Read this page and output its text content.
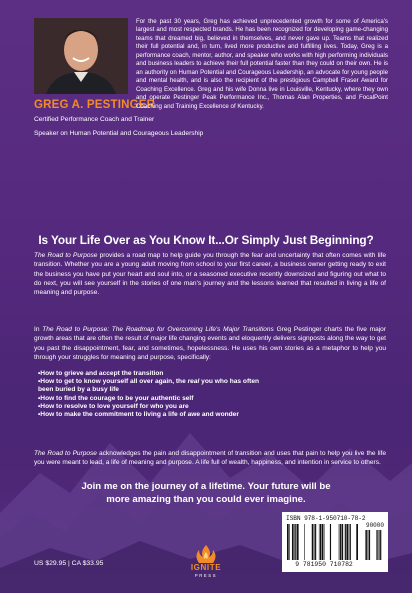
GREG A. PESTINGER
Certified Performance Coach and Trainer
Speaker on Human Potential and Courageous Leadership
For the past 30 years, Greg has achieved unprecedented growth for some of America's largest and most respected brands. He has been recognized for developing game-changing teams that dreamed big, believed in themselves, and never gave up. Teams that realized their full potential and, in turn, lived more productive and fulfilling lives. Today, Greg is a performance coach, mentor, author, and speaker who works with high performing individuals and business leaders to achieve their full potential faster than they could on their own. He is an authority on Human Potential and Courageous Leadership, an advocate for young people and mental health, and is also the recipient of the prestigious Campbell Fraser Award for Coaching Excellence. Greg and his wife Donna live in Louisville, Kentucky, where they own and operate Pestinger Peak Performance Inc., Thomas Alan Properties, and FocalPoint Coaching and Training Excellence of Kentucky.
Is Your Life Over as You Know It...Or Simply Just Beginning?
The Road to Purpose provides a road map to help guide you through the fear and uncertainty that often comes with life transition. Whether you are a young adult moving from school to your first career, a business owner getting ready to exit the business you have put your heart and soul into, or a seasoned executive recently downsized and figuring out what to do next, you will see yourself in the stories of one man's journey and the lessons learned that resulted in living a life of meaning and purpose.
In The Road to Purpose: The Roadmap for Overcoming Life's Major Transitions Greg Pestinger charts the five major growth areas that are often the result of major life changing events and eloquently delivers signposts along the way to get you past the disappointment, fear, and sometimes, hopelessness. He uses his own stories as a metaphor to help you through your struggles for meaning and purpose, specifically:
•How to grieve and accept the transition
•How to get to know yourself all over again, the real you who has often
been buried by a busy life
•How to find the courage to be your authentic self
•How to resolve to love yourself for who you are
•How to make the commitment to living a life of awe and wonder
The Road to Purpose acknowledges the pain and disappointment of transition and uses that pain to help you live the life you were meant to lead, a life of meaning and purpose. A life full of wealth, happiness, and intention in service to others.
Join me on the journey of a lifetime. Your future will be
more amazing than you could ever imagine.
US $29.95 | CA $33.95	IGNITE
PRESS
ISBN 978-1-950710-78-2
90000
9 781950 710782
